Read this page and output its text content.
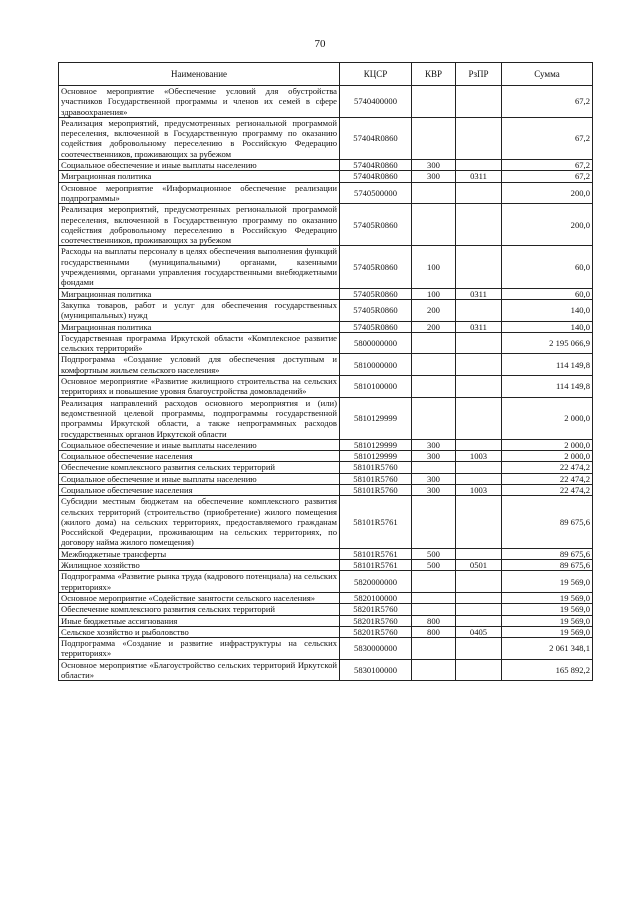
70
Наименование	КЦСР	КВР	РзПР	Сумма
Основное мероприятие «Обеспечение условий для обустройства участников Государственной программы и членов их семей в сфере здравоохранения»	5740400000			67,2
Реализация мероприятий, предусмотренных региональной программой переселения, включенной в Государственную программу по оказанию содействия добровольному переселению в Российскую Федерацию соотечественников, проживающих за рубежом	57404R0860			67,2
Социальное обеспечение и иные выплаты населению	57404R0860	300		67,2
Миграционная политика	57404R0860	300	0311	67,2
Основное мероприятие «Информационное обеспечение реализации подпрограммы»	5740500000			200,0
Реализация мероприятий, предусмотренных региональной программой переселения, включенной в Государственную программу по оказанию содействия добровольному переселению в Российскую Федерацию соотечественников, проживающих за рубежом	57405R0860			200,0
Расходы на выплаты персоналу в целях обеспечения выполнения функций государственными (муниципальными) органами, казенными учреждениями, органами управления государственными внебюджетными фондами	57405R0860	100		60,0
Миграционная политика	57405R0860	100	0311	60,0
Закупка товаров, работ и услуг для обеспечения государственных (муниципальных) нужд	57405R0860	200		140,0
Миграционная политика	57405R0860	200	0311	140,0
Государственная программа Иркутской области «Комплексное развитие сельских территорий»	5800000000			2 195 066,9
Подпрограмма «Создание условий для обеспечения доступным и комфортным жильем сельского населения»	5810000000			114 149,8
Основное мероприятие «Развитие жилищного строительства на сельских территориях и повышение уровня благоустройства домовладений»	5810100000			114 149,8
Реализация направлений расходов основного мероприятия и (или) ведомственной целевой программы, подпрограммы государственной программы Иркутской области, а также непрограммных расходов государственных органов Иркутской области	5810129999			2 000,0
Социальное обеспечение и иные выплаты населению	5810129999	300		2 000,0
Социальное обеспечение населения	5810129999	300	1003	2 000,0
Обеспечение комплексного развития сельских территорий	58101R5760			22 474,2
Социальное обеспечение и иные выплаты населению	58101R5760	300		22 474,2
Социальное обеспечение населения	58101R5760	300	1003	22 474,2
Субсидии местным бюджетам на обеспечение комплексного развития сельских территорий (строительство (приобретение) жилого помещения (жилого дома) на сельских территориях, предоставляемого гражданам Российской Федерации, проживающим на сельских территориях, по договору найма жилого помещения)	58101R5761			89 675,6
Межбюджетные трансферты	58101R5761	500		89 675,6
Жилищное хозяйство	58101R5761	500	0501	89 675,6
Подпрограмма «Развитие рынка труда (кадрового потенциала) на сельских территориях»	5820000000			19 569,0
Основное мероприятие «Содействие занятости сельского населения»	5820100000			19 569,0
Обеспечение комплексного развития сельских территорий	58201R5760			19 569,0
Иные бюджетные ассигнования	58201R5760	800		19 569,0
Сельское хозяйство и рыболовство	58201R5760	800	0405	19 569,0
Подпрограмма «Создание и развитие инфраструктуры на сельских территориях»	5830000000			2 061 348,1
Основное мероприятие «Благоустройство сельских территорий Иркутской области»	5830100000			165 892,2
